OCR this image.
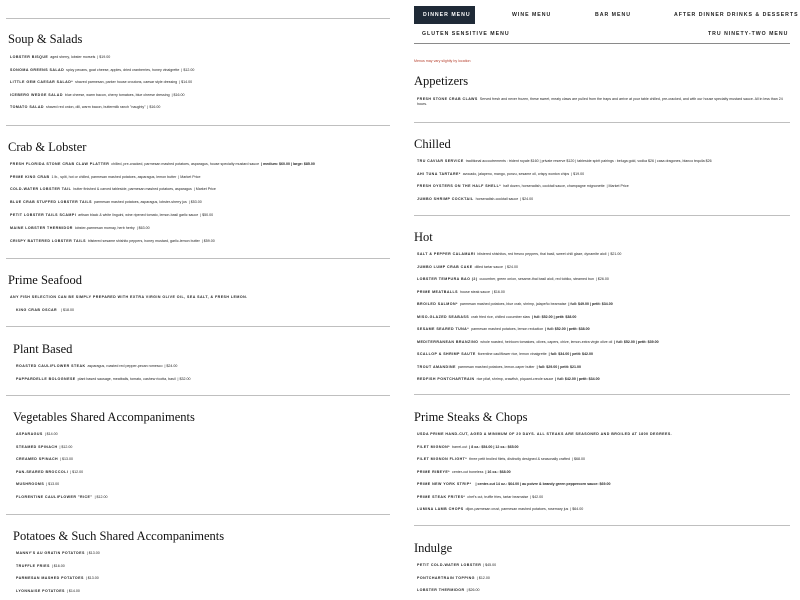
Soup & Salads
LOBSTER BISQUE aged sherry, lobster morsels | $19.00
SONOMA GREENS SALAD spicy pecans, goat cheese, apples, dried cranberries, honey vinaigrette | $12.00
LITTLE GEM CAESAR SALAD* shaved parmesan, parker house croutons, caesar style dressing | $14.00
ICEBERG WEDGE SALAD blue cheese, warm bacon, cherry tomatoes, blue cheese dressing | $16.00
TOMATO SALAD shaved red onion, dill, warm bacon, buttermilk ranch "naughty" | $16.00
Crab & Lobster
FRESH FLORIDA STONE CRAB CLAW PLATTER chilled, pre-cracked, parmesan mashed potatoes, asparagus, house specialty mustard sauce | medium: $60.00 | large: $85.00
PRIME KING CRAB 1 lb., split, hot or chilled, parmesan mashed potatoes, asparagus, lemon butter | Market Price
COLD-WATER LOBSTER TAIL butter finished & carved tableside, parmesan mashed potatoes, asparagus | Market Price
BLUE CRAB STUFFED LOBSTER TAILS parmesan mashed potatoes, asparagus, lobster-sherry jus | $53.00
PETIT LOBSTER TAILS SCAMPI artisan black & white linguini, wine ripened tomato, lemon-basil garlic sauce | $50.00
MAINE LOBSTER THERMIDOR lobster-parmesan mornay, herb herby | $63.00
CRISPY BATTERED LOBSTER TAILS blistered sesame shishito peppers, honey mustard, garlic-lemon butter | $59.00
Prime Seafood
ANY FISH SELECTION CAN BE SIMPLY PREPARED WITH EXTRA VIRGIN OLIVE OIL, SEA SALT, & FRESH LEMON.
KING CRAB OSCAR | $18.00
Plant Based
ROASTED CAULIFLOWER STEAK asparagus, roasted red pepper-pecan romesco | $24.00
PAPPARDELLE BOLOGNESE plant based sausage, meatballs, tomato, cashew ricotta, basil | $32.00
Vegetables Shared Accompaniments
ASPARAGUS | $14.00
STEAMED SPINACH | $12.00
CREAMED SPINACH | $13.00
PAN-SEARED BROCCOLI | $12.00
MUSHROOMS | $13.00
FLORENTINE CAULIFLOWER "RICE" | $12.00
Potatoes & Such Shared Accompaniments
MANNY'S AU GRATIN POTATOES | $13.00
TRUFFLE FRIES | $16.00
PARMESAN MASHED POTATOES | $13.00
LYONNAISE POTATOES | $14.00
DINNER MENU	WINE MENU	BAR MENU	AFTER DINNER DRINKS & DESSERTS
GLUTEN SENSITIVE MENU	TRU NINETY-TWO MENU
Menus may vary slightly by location
Appetizers
FRESH STONE CRAB CLAWS Served fresh and never frozen, these sweet, meaty claws are pulled from the traps and arrive at your table chilled, pre-cracked, and with our house specialty mustard sauce. All in less than 24
hours.
Chilled
TRU CAVIAR SERVICE traditional accoutrements : trident royale $160 | private reserve $120 | tableside spirit pairings : beluga gold, vodka $26 | casa dragones, blanco tequila $26
AHI TUNA TARTARE* avocado, jalapeno, mango, ponzu, sesame oil, crispy wonton chips | $19.00
FRESH OYSTERS ON THE HALF SHELL* half dozen, horseradish, cocktail sauce, champagne mignonette | Market Price
JUMBO SHRIMP COCKTAIL horseradish-cocktail sauce | $24.00
Hot
SALT & PEPPER CALAMARI blistered shishitos, red fresno peppers, thai basil, sweet chili glaze, dynamite aioli | $21.00
JUMBO LUMP CRAB CAKE dilled tartar sauce | $24.00
LOBSTER TEMPURA BAO (2) cucumber, green onion, sesame-thai basil aioli, red tobiko, steamed bun | $26.00
PRIME MEATBALLS house steak sauce | $16.00
BROILED SALMON* parmesan mashed potatoes, blue crab, shrimp, jalapeño bearnaise | full: $49.00 | petit: $34.00
MISO-GLAZED SEABASS crab fried rice, chilled cucumber slaw | full: $52.00 | petit: $38.00
SESAME SEARED TUNA* parmesan mashed potatoes, lemon reduction | full: $52.00 | petit: $38.00
MEDITERRANEAN BRANZINO whole roasted, heirloom tomatoes, olives, capers, chive, lemon-extra virgin olive oil | full: $52.00 | petit: $39.00
SCALLOP & SHRIMP SAUTE florentine cauliflower rice, lemon vinaigrette | full: $34.00 | petit: $42.00
TROUT AMANDINE parmesan mashed potatoes, lemon-caper butter | full: $29.00 | petit: $21.00
REDFISH PONTCHARTRAIN rice pilaf, shrimp, crawfish, piquant-creole sauce | full: $42.00 | petit: $34.00
Prime Steaks & Chops
USDA PRIME HAND-CUT, AGED A MINIMUM OF 20 DAYS. ALL STEAKS ARE SEASONED AND BROILED AT 1800 DEGREES.
FILET MIGNON* barrel-cut | 8 oz.: $54.00 | 12 oz.: $65.00
FILET MIGNON FLIGHT* three petit broiled filets, distinctly designed & seasonally crafted | $68.00
PRIME RIBEYE* center-cut boneless | 16 oz.: $68.00
PRIME NEW YORK STRIP* | center-cut 14 oz.: $64.00 | au poivre & brandy green peppercorn sauce: $69.00
PRIME STEAK FRITES* chef's cut, truffle fries, tartar bearnaise | $42.00
LUMINA LAMB CHOPS dijon-parmesan crust, parmesan mashed potatoes, rosemary jus | $64.00
Indulge
PETIT COLD-WATER LOBSTER | $45.00
PONTCHARTRAIN TOPPING | $12.00
LOBSTER THERMIDOR | $26.00
